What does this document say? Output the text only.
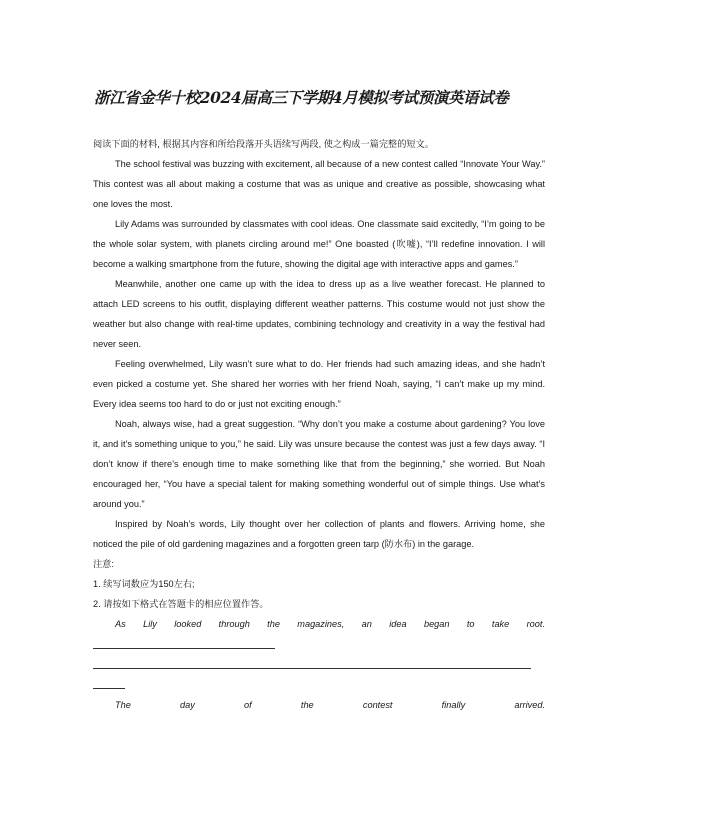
浙江省金华十校2024届高三下学期4月模拟考试预演英语试卷

阅读下面的材料, 根据其内容和所给段落开头语续写两段, 使之构成一篇完整的短文。

The school festival was buzzing with excitement, all because of a new contest called “Innovate Your Way.” This contest was all about making a costume that was as unique and creative as possible, showcasing what one loves the most.

Lily Adams was surrounded by classmates with cool ideas. One classmate said excitedly, “I’m going to be the whole solar system, with planets circling around me!” One boasted (吹嘘), “I’ll redefine innovation. I will become a walking smartphone from the future, showing the digital age with interactive apps and games.”

Meanwhile, another one came up with the idea to dress up as a live weather forecast. He planned to attach LED screens to his outfit, displaying different weather patterns. This costume would not just show the weather but also change with real-time updates, combining technology and creativity in a way the festival had never seen.

Feeling overwhelmed, Lily wasn’t sure what to do. Her friends had such amazing ideas, and she hadn’t even picked a costume yet. She shared her worries with her friend Noah, saying, “I can’t make up my mind. Every idea seems too hard to do or just not exciting enough.”

Noah, always wise, had a great suggestion. “Why don’t you make a costume about gardening? You love it, and it’s something unique to you,” he said. Lily was unsure because the contest was just a few days away. “I don’t know if there’s enough time to make something like that from the beginning,” she worried. But Noah encouraged her, “You have a special talent for making something wonderful out of simple things. Use what’s around you.”

Inspired by Noah’s words, Lily thought over her collection of plants and flowers. Arriving home, she noticed the pile of old gardening magazines and a forgotten green tarp (防水布) in the garage.

注意:

1. 续写词数应为150左右;

2. 请按如下格式在答题卡的相应位置作答。

As Lily looked through the magazines, an idea began to take root.

The day of the contest finally arrived.
